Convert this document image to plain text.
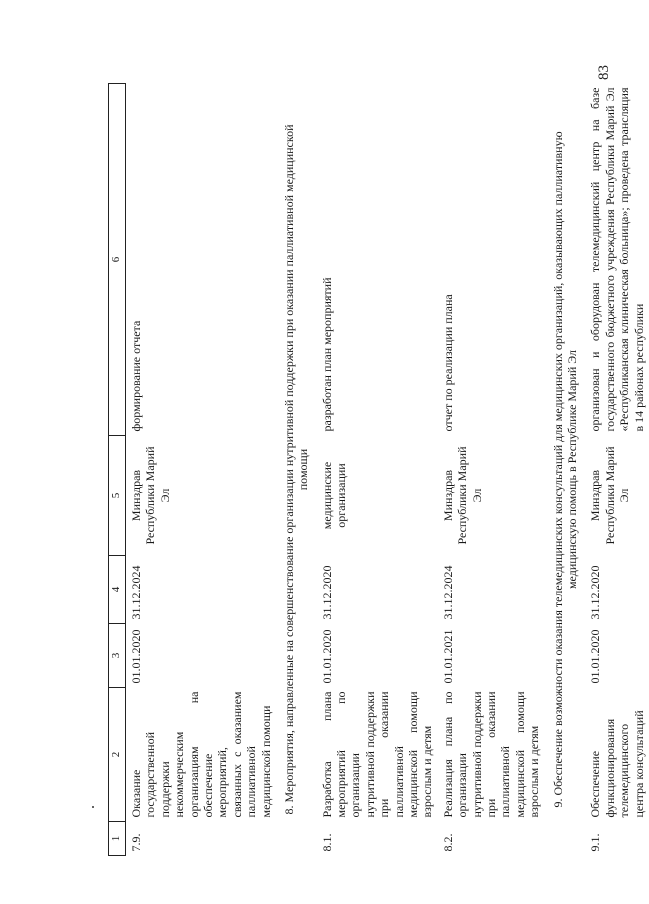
83
1	2	3	4	5	6
7.9.	Оказание государственной поддержки некоммерческим организациям на обеспечение мероприятий, связанных с оказанием паллиативной медицинской помощи	01.01.2020	31.12.2024	Минздрав Республики Марий Эл	формирование отчета
8. Мероприятия, направленные на совершенствование организации нутритивной поддержки при оказании паллиативной медицинской помощи					
8.1.	Разработка плана мероприятий по организации нутритивной поддержки при оказании паллиативной медицинской помощи взрослым и детям	01.01.2020	31.12.2020	медицинские организации	разработан план мероприятий
8.2.	Реализация плана по организации нутритивной поддержки при оказании паллиативной медицинской помощи взрослым и детям	01.01.2021	31.12.2024	Минздрав Республики Марий Эл	отчет по реализации плана
9. Обеспечение возможности оказания телемедицинских консультаций для медицинских организаций, оказывающих паллиативную медицинскую помощь в Республике Марий Эл					
9.1.	Обеспечение функционирования телемедицинского центра консультаций	01.01.2020	31.12.2020	Минздрав Республики Марий Эл	организован и оборудован телемедицинский центр на базе государственного бюджетного учреждения Республики Марий Эл «Республиканская клиническая больница»; проведена трансляция в 14 районах республики
